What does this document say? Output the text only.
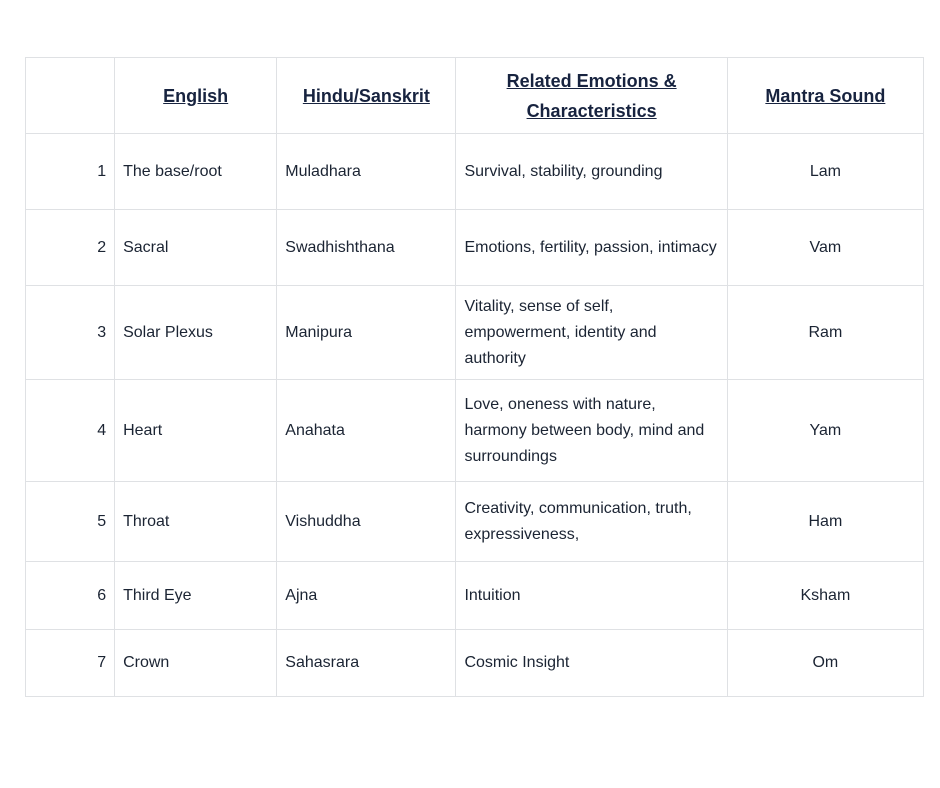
	English	Hindu/Sanskrit	Related Emotions & Characteristics	Mantra Sound
1	The base/root	Muladhara	Survival, stability, grounding	Lam
2	Sacral	Swadhishthana	Emotions, fertility, passion, intimacy	Vam
3	Solar Plexus	Manipura	Vitality, sense of self, empowerment, identity and authority	Ram
4	Heart	Anahata	Love, oneness with nature, harmony between body, mind and surroundings	Yam
5	Throat	Vishuddha	Creativity, communication, truth, expressiveness,	Ham
6	Third Eye	Ajna	Intuition	Ksham
7	Crown	Sahasrara	Cosmic Insight	Om
